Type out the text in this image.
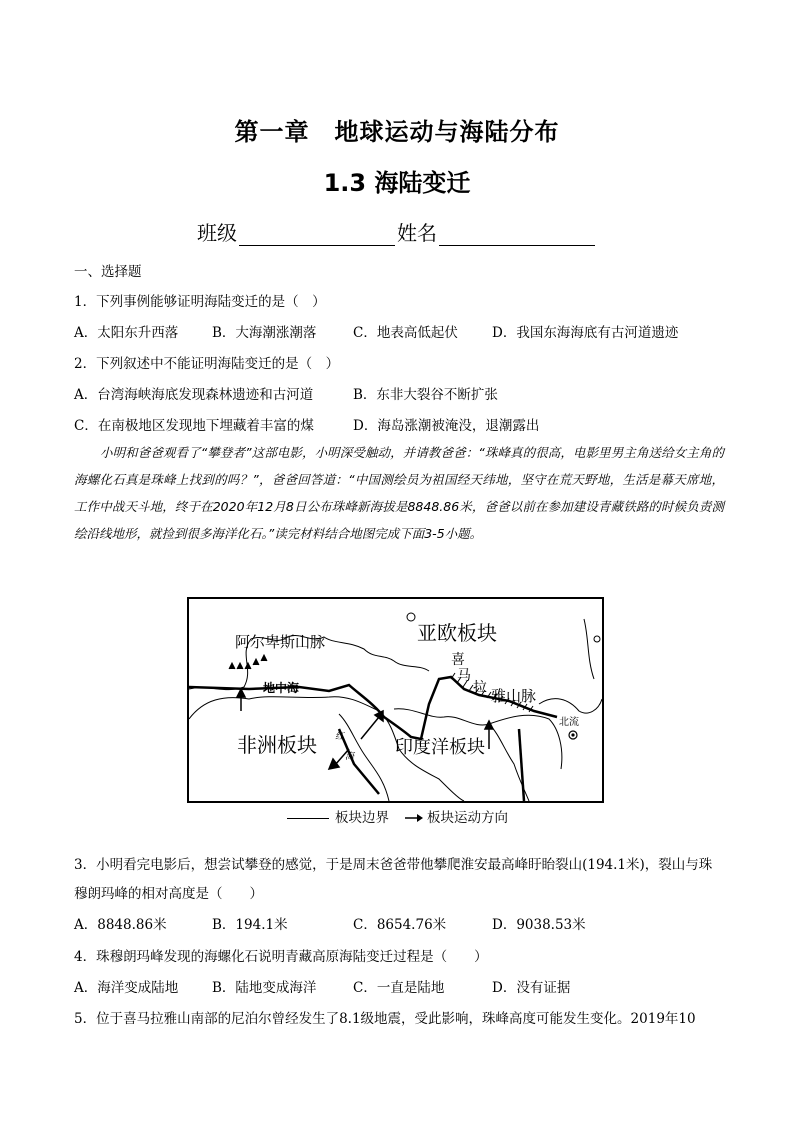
第一章　地球运动与海陆分布
1.3 海陆变迁
班级	姓名
一、选择题
1．下列事例能够证明海陆变迁的是（　）
A．太阳东升西落	B．大海潮涨潮落	C．地表高低起伏	D．我国东海海底有古河道遗迹
2．下列叙述中不能证明海陆变迁的是（　）
A．台湾海峡海底发现森林遗迹和古河道	B．东非大裂谷不断扩张
C．在南极地区发现地下埋藏着丰富的煤	D．海岛涨潮被淹没，退潮露出

小明和爸爸观看了“攀登者”这部电影，小明深受触动，并请教爸爸：“珠峰真的很高，电影里男主角送给女主角的海螺化石真是珠峰上找到的吗？”，爸爸回答道：“中国测绘员为祖国经天纬地，坚守在荒天野地，生活是幕天席地，工作中战天斗地，终于在2020年12月8日公布珠峰新海拔是8848.86米，爸爸以前在参加建设青藏铁路的时候负责测绘沿线地形，就捡到很多海洋化石。”读完材料结合地图完成下面3-5小题。

阿尔卑斯山脉	亚欧板块
喜
马
拉 雅山脉
地中海
非洲板块	印度洋板块
北流
红
海
板块边界	板块运动方向
3．小明看完电影后，想尝试攀登的感觉，于是周末爸爸带他攀爬淮安最高峰盱眙裂山(194.1米)，裂山与珠
穆朗玛峰的相对高度是（　　）
A．8848.86米	B．194.1米	C．8654.76米	D．9038.53米
4．珠穆朗玛峰发现的海螺化石说明青藏高原海陆变迁过程是（　　）
A．海洋变成陆地	B．陆地变成海洋	C．一直是陆地	D．没有证据
5．位于喜马拉雅山南部的尼泊尔曾经发生了8.1级地震，受此影响，珠峰高度可能发生变化。2019年10
